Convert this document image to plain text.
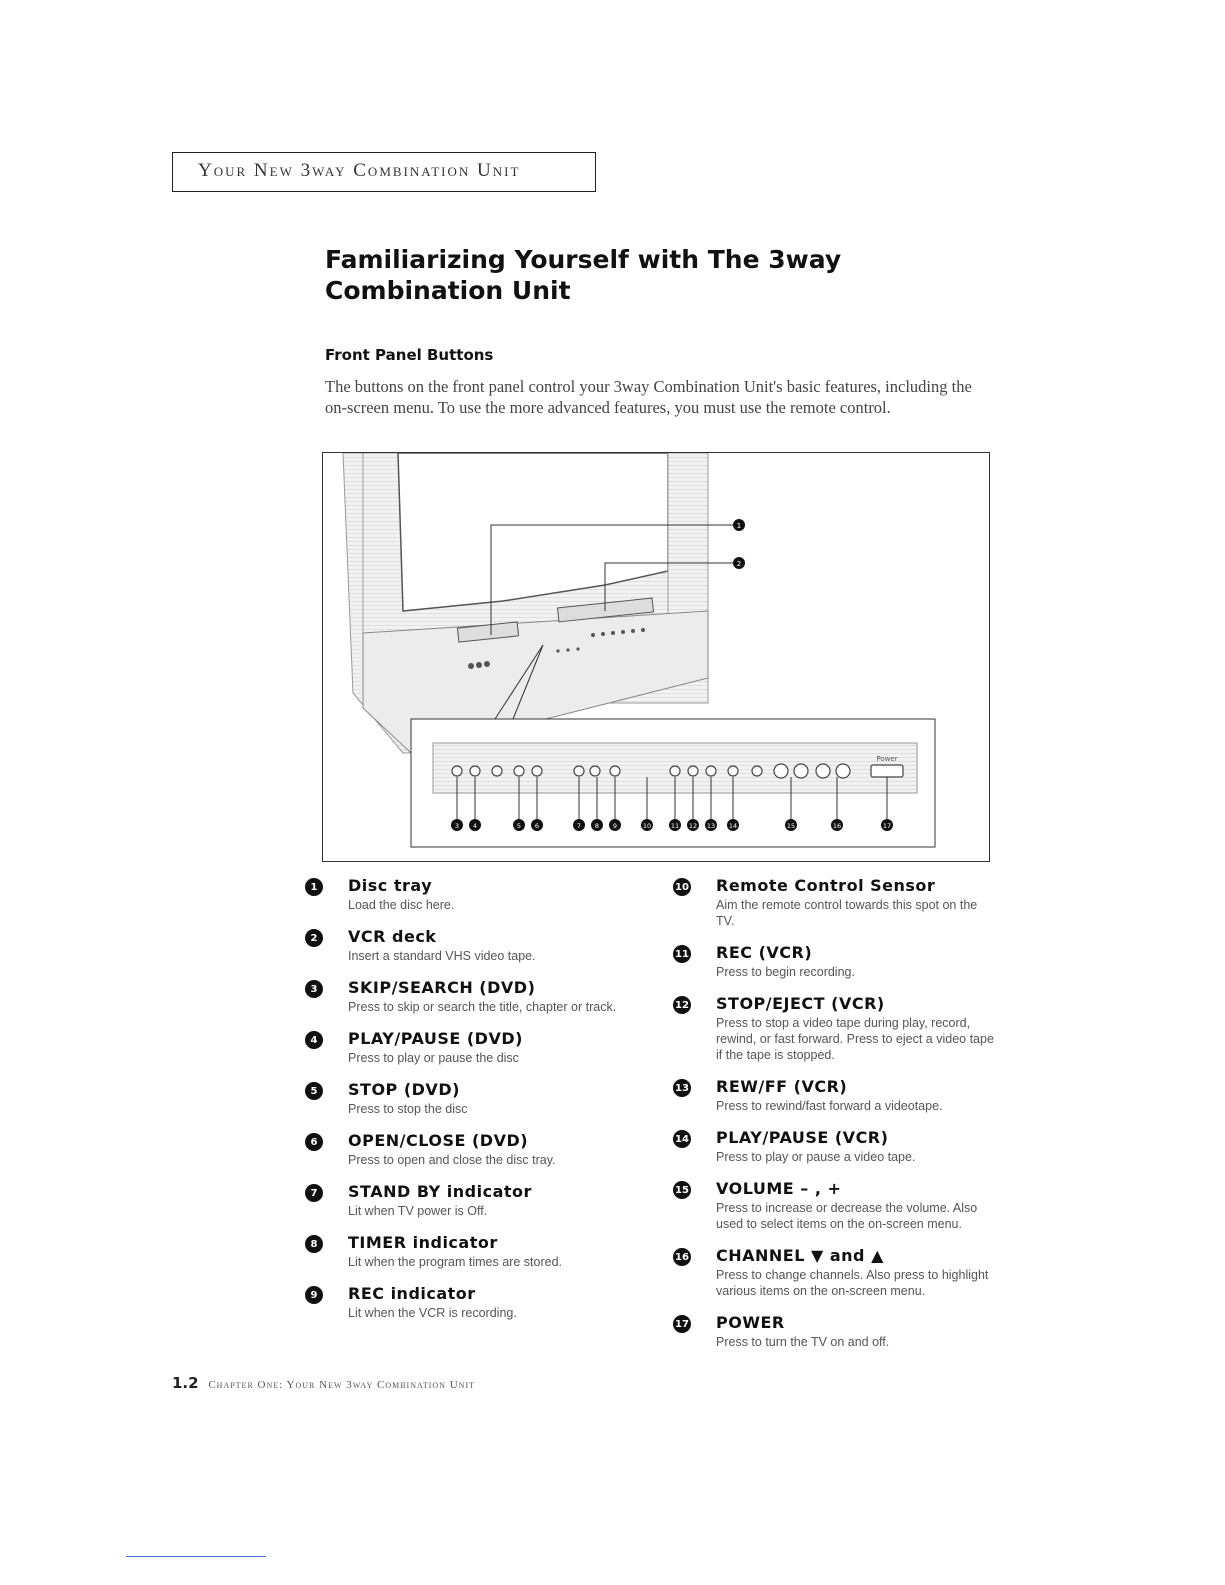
Your New 3way Combination Unit
Familiarizing Yourself with The 3way Combination Unit
Front Panel Buttons
The buttons on the front panel control your 3way Combination Unit's basic features, including the on-screen menu. To use the more advanced features, you must use the remote control.
1
2
Power
3 4	5 6	7 8 9	10	11 12 13 14	15	16	17
1	Disc tray
Load the disc here.
2	VCR deck
Insert a standard VHS video tape.
3	SKIP/SEARCH (DVD)
Press to skip or search the title, chapter or track.
4	PLAY/PAUSE (DVD)
Press to play or pause the disc
5	STOP (DVD)
Press to stop the disc
6	OPEN/CLOSE (DVD)
Press to open and close the disc tray.
7	STAND BY indicator
Lit when TV power is Off.
8	TIMER indicator
Lit when the program times are stored.
9	REC indicator
Lit when the VCR is recording.
10 Remote Control Sensor
Aim the remote control towards this spot on the TV.
11 REC (VCR)
Press to begin recording.
12 STOP/EJECT (VCR)
Press to stop a video tape during play, record, rewind, or fast forward. Press to eject a video tape if the tape is stopped.
13 REW/FF (VCR)
Press to rewind/fast forward a videotape.
14 PLAY/PAUSE (VCR)
Press to play or pause a video tape.
15 VOLUME – , +
Press to increase or decrease the volume. Also used to select items on the on-screen menu.
16 CHANNEL ▼ and ▲
Press to change channels. Also press to highlight various items on the on-screen menu.
17 POWER
Press to turn the TV on and off.
1.2 Chapter One: Your New 3way Combination Unit
